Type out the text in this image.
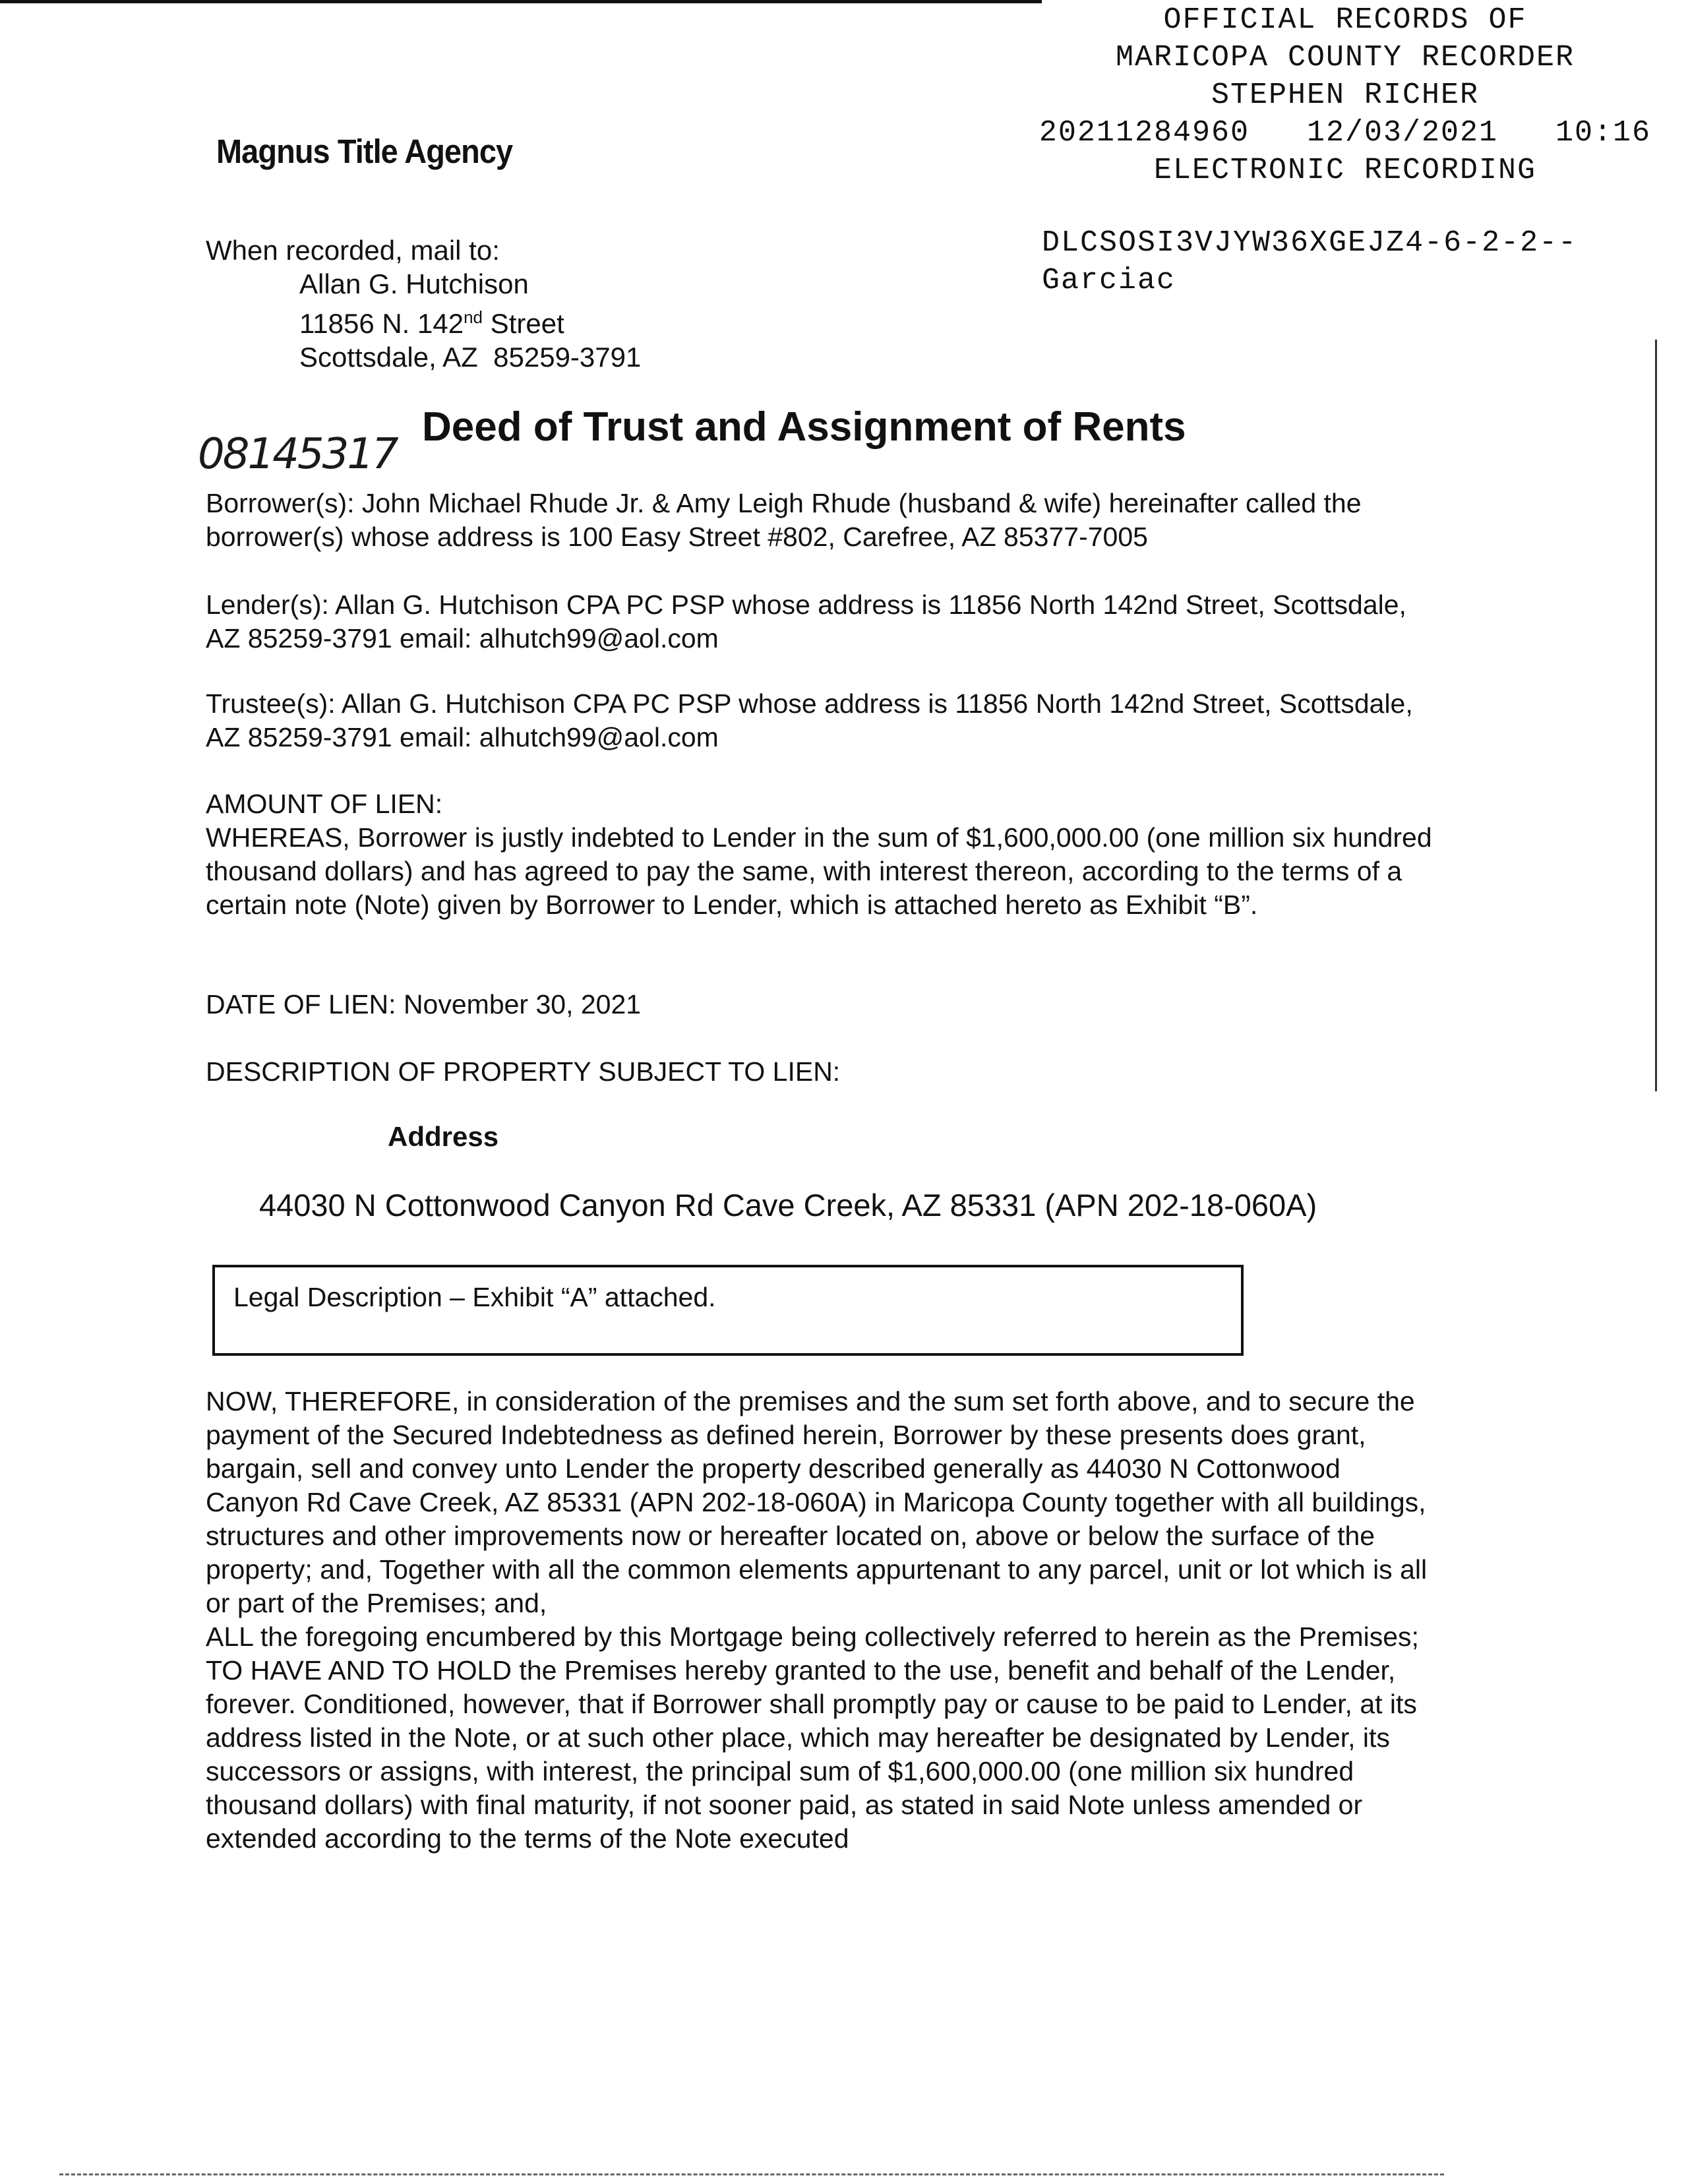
OFFICIAL RECORDS OF
MARICOPA COUNTY RECORDER
STEPHEN RICHER
20211284960   12/03/2021   10:16
ELECTRONIC RECORDING
Magnus Title Agency
DLCSOSI3VJYW36XGEJZ4-6-2-2--
Garciac
When recorded, mail to:
Allan G. Hutchison
11856 N. 142nd Street
Scottsdale, AZ  85259-3791
08145317
Deed of Trust and Assignment of Rents
Borrower(s): John Michael Rhude Jr. & Amy Leigh Rhude (husband & wife) hereinafter called the borrower(s) whose address is 100 Easy Street #802, Carefree, AZ 85377-7005
Lender(s): Allan G. Hutchison CPA PC PSP whose address is 11856 North 142nd Street, Scottsdale, AZ 85259-3791 email: alhutch99@aol.com
Trustee(s): Allan G. Hutchison CPA PC PSP whose address is 11856 North 142nd Street, Scottsdale, AZ 85259-3791 email: alhutch99@aol.com
AMOUNT OF LIEN:
WHEREAS, Borrower is justly indebted to Lender in the sum of $1,600,000.00 (one million six hundred thousand dollars) and has agreed to pay the same, with interest thereon, according to the terms of a certain note (Note) given by Borrower to Lender, which is attached hereto as Exhibit “B”.
DATE OF LIEN: November 30, 2021
DESCRIPTION OF PROPERTY SUBJECT TO LIEN:
Address
44030 N Cottonwood Canyon Rd Cave Creek, AZ 85331 (APN 202-18-060A)
Legal Description – Exhibit “A” attached.
NOW, THEREFORE, in consideration of the premises and the sum set forth above, and to secure the payment of the Secured Indebtedness as defined herein, Borrower by these presents does grant, bargain, sell and convey unto Lender the property described generally as 44030 N Cottonwood Canyon Rd Cave Creek, AZ 85331 (APN 202-18-060A) in Maricopa County together with all buildings, structures and other improvements now or hereafter located on, above or below the surface of the property; and, Together with all the common elements appurtenant to any parcel, unit or lot which is all or part of the Premises; and,
ALL the foregoing encumbered by this Mortgage being collectively referred to herein as the Premises;
TO HAVE AND TO HOLD the Premises hereby granted to the use, benefit and behalf of the Lender, forever. Conditioned, however, that if Borrower shall promptly pay or cause to be paid to Lender, at its address listed in the Note, or at such other place, which may hereafter be designated by Lender, its successors or assigns, with interest, the principal sum of $1,600,000.00 (one million six hundred thousand dollars) with final maturity, if not sooner paid, as stated in said Note unless amended or extended according to the terms of the Note executed
